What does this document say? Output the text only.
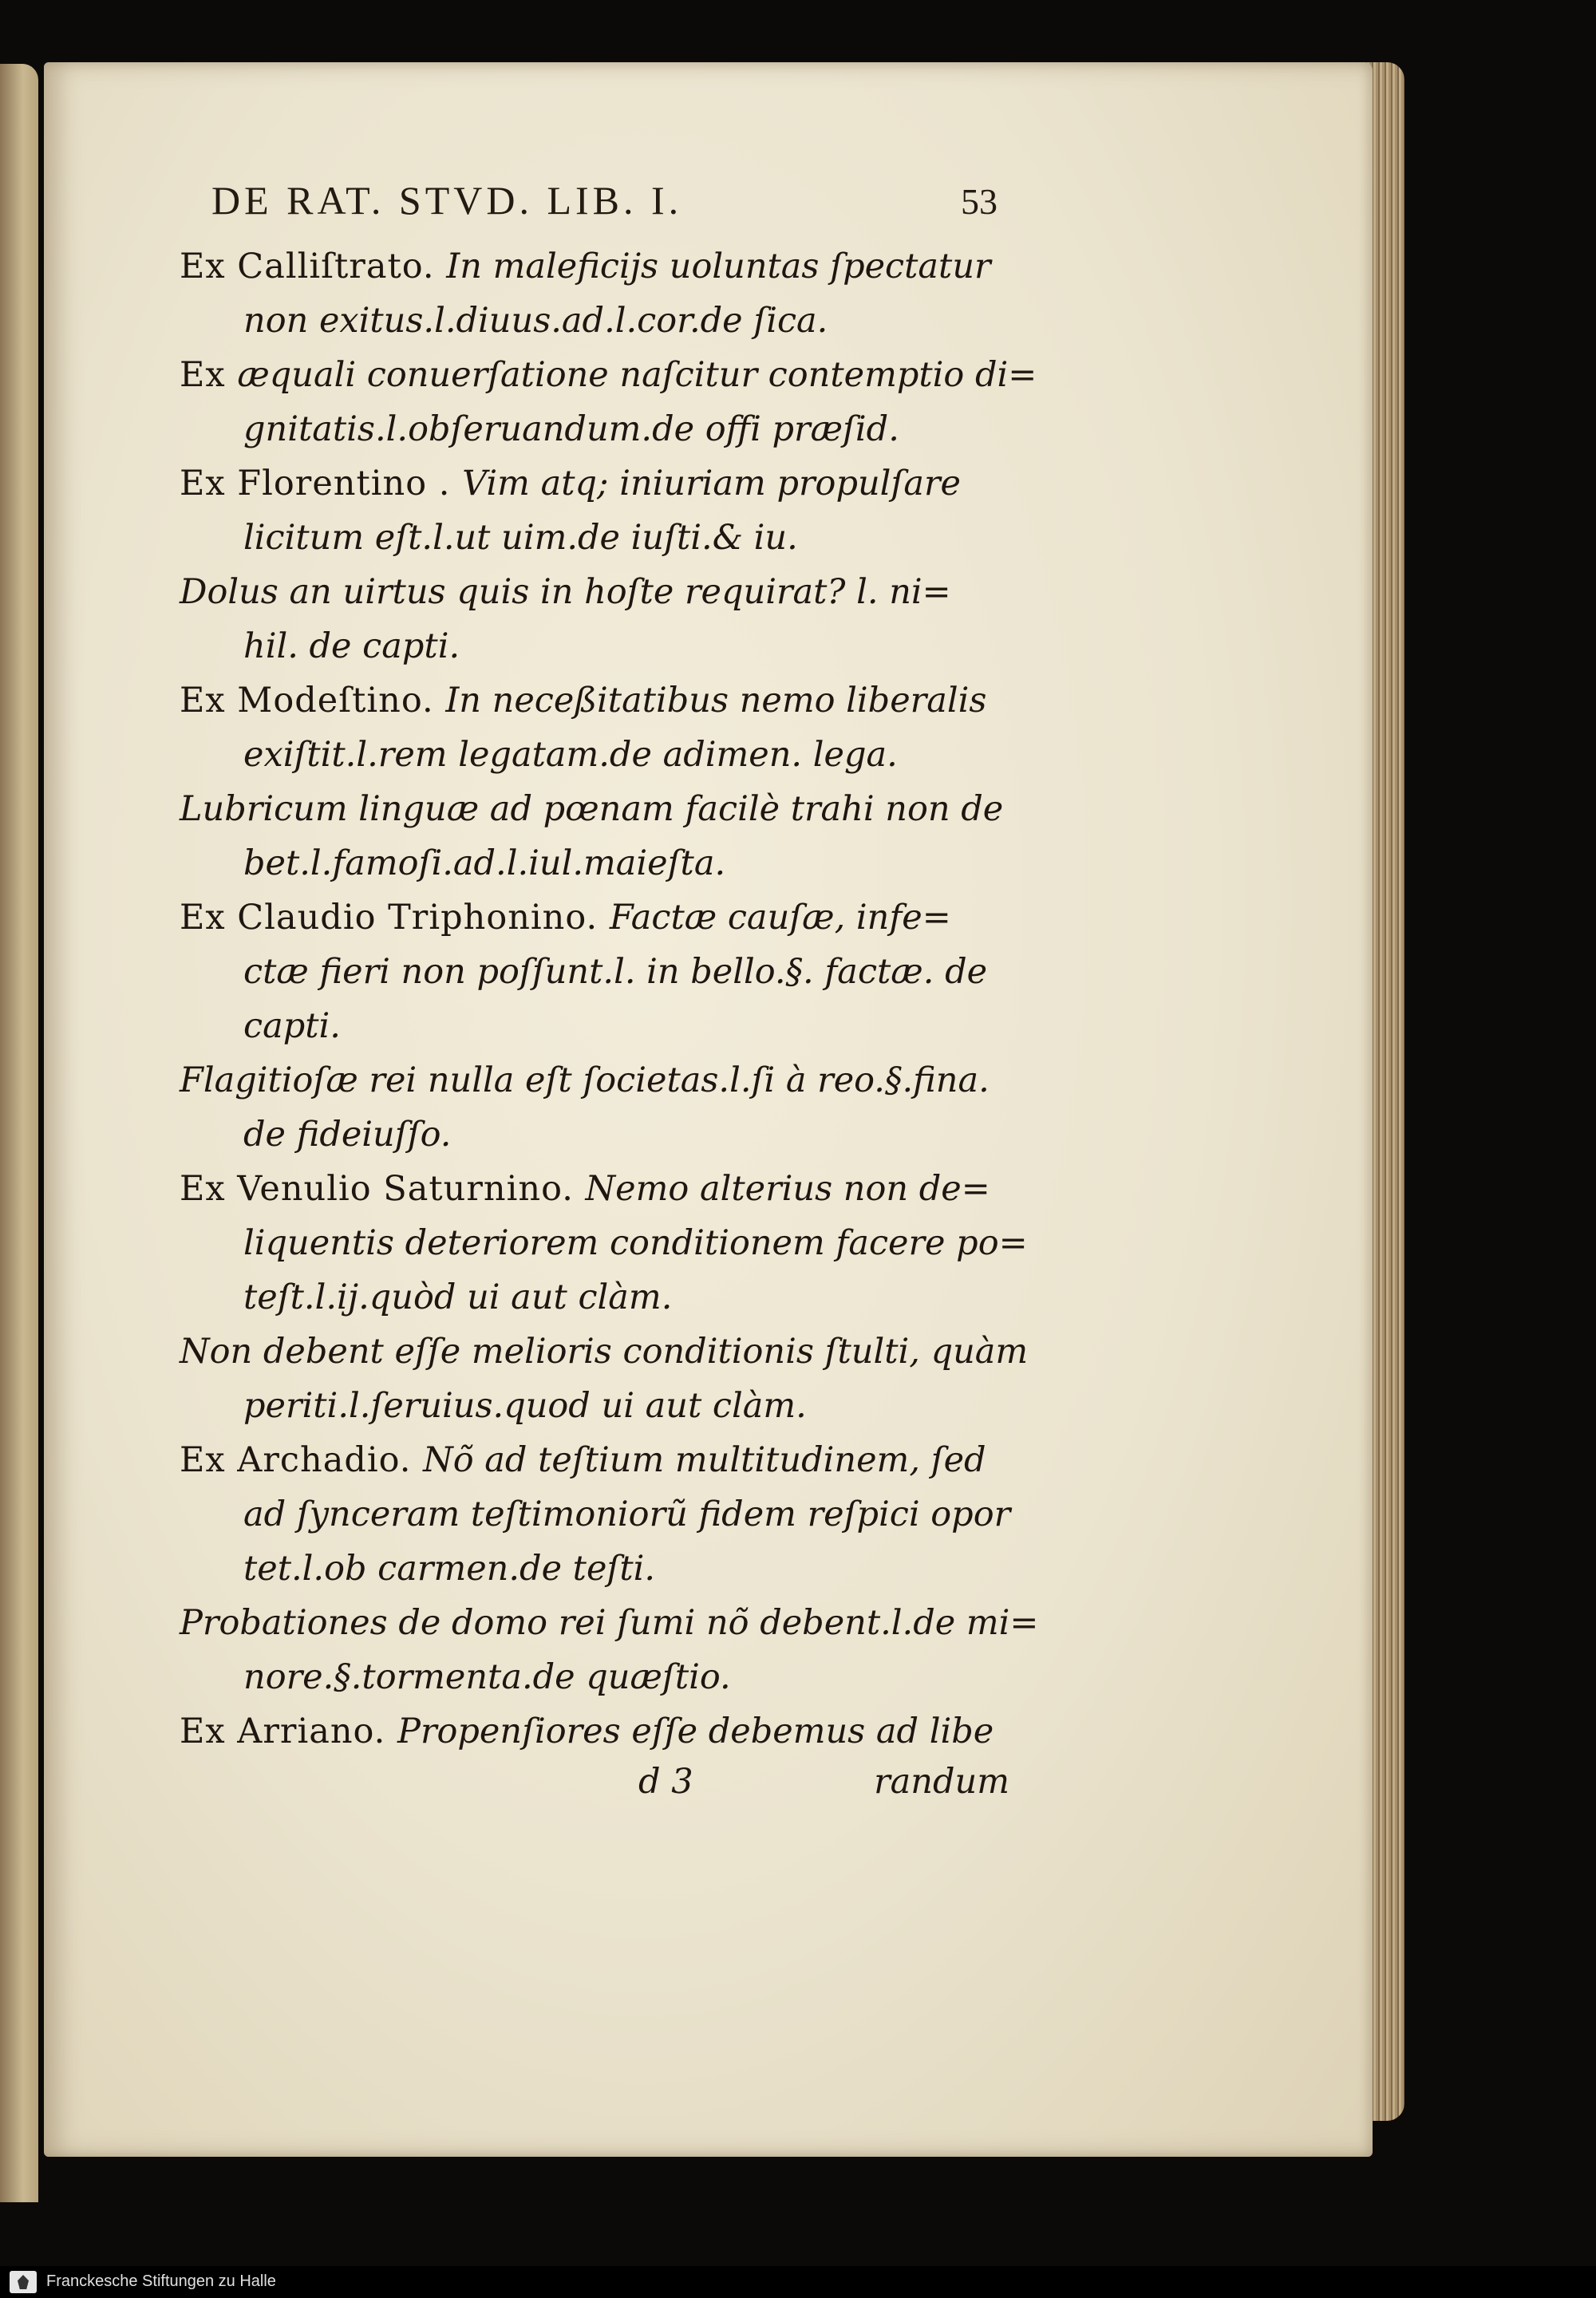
DE RAT. STVD. LIB. I.	53
Ex Calliſtrato. In maleficijs uoluntas ſpectatur
non exitus.l.diuus.ad.l.cor.de ſica.
Ex æquali conuerſatione naſcitur contemptio di=
gnitatis.l.obſeruandum.de offi præſid.
Ex Florentino . Vim atq; iniuriam propulſare
licitum eſt.l.ut uim.de iuſti.& iu.
Dolus an uirtus quis in hoſte requirat? l. ni=
hil. de capti.
Ex Modeſtino. In neceßitatibus nemo liberalis
exiſtit.l.rem legatam.de adimen. lega.
Lubricum linguæ ad pœnam facilè trahi non de
bet.l.famoſi.ad.l.iul.maieſta.
Ex Claudio Triphonino. Factæ cauſæ, infe=
ctæ fieri non poſſunt.l. in bello.§. factæ. de
capti.
Flagitioſæ rei nulla eſt ſocietas.l.ſi à reo.§.fina.
de fideiuſſo.
Ex Venulio Saturnino. Nemo alterius non de=
liquentis deteriorem conditionem facere po=
teſt.l.ij.quòd ui aut clàm.
Non debent eſſe melioris conditionis ſtulti, quàm
periti.l.ſeruius.quod ui aut clàm.
Ex Archadio. Nõ ad teſtium multitudinem, ſed
ad ſynceram teſtimoniorũ fidem reſpici opor
tet.l.ob carmen.de teſti.
Probationes de domo rei ſumi nõ debent.l.de mi=
nore.§.tormenta.de quæſtio.
Ex Arriano. Propenſiores eſſe debemus ad libe
d 3	randum
Franckesche Stiftungen zu Halle
